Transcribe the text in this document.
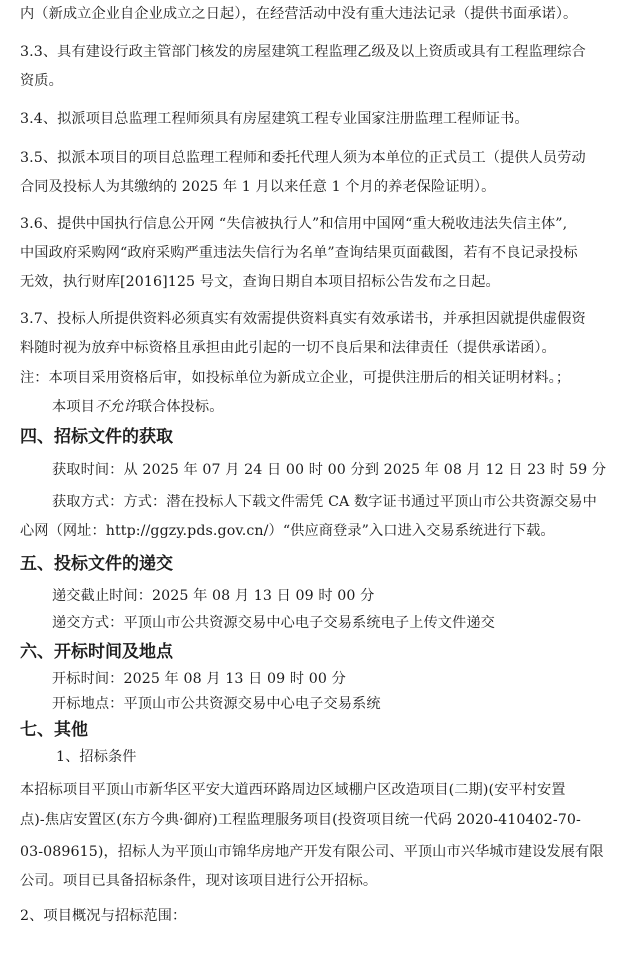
内（新成立企业自企业成立之日起），在经营活动中没有重大违法记录（提供书面承诺）。
3.3、具有建设行政主管部门核发的房屋建筑工程监理乙级及以上资质或具有工程监理综合
资质。
3.4、拟派项目总监理工程师须具有房屋建筑工程专业国家注册监理工程师证书。
3.5、拟派本项目的项目总监理工程师和委托代理人须为本单位的正式员工（提供人员劳动
合同及投标人为其缴纳的 2025 年 1 月以来任意 1 个月的养老保险证明）。
3.6、提供中国执行信息公开网 “失信被执行人”和信用中国网“重大税收违法失信主体”,
中国政府采购网“政府采购严重违法失信行为名单”查询结果页面截图，若有不良记录投标
无效，执行财库[2016]125 号文，查询日期自本项目招标公告发布之日起。
3.7、投标人所提供资料必须真实有效需提供资料真实有效承诺书，并承担因就提供虚假资
料随时视为放弃中标资格且承担由此引起的一切不良后果和法律责任（提供承诺函）。
注：本项目采用资格后审，如投标单位为新成立企业，可提供注册后的相关证明材料。；
本项目不允许联合体投标。
四、招标文件的获取
获取时间：从 2025 年 07 月 24 日 00 时 00 分到 2025 年 08 月 12 日 23 时 59 分
获取方式：方式：潜在投标人下载文件需凭 CA 数字证书通过平顶山市公共资源交易中
心网（网址：http://ggzy.pds.gov.cn/）“供应商登录”入口进入交易系统进行下载。
五、投标文件的递交
递交截止时间：2025 年 08 月 13 日 09 时 00 分
递交方式：平顶山市公共资源交易中心电子交易系统电子上传文件递交
六、开标时间及地点
开标时间：2025 年 08 月 13 日 09 时 00 分
开标地点：平顶山市公共资源交易中心电子交易系统
七、其他
1、招标条件
本招标项目平顶山市新华区平安大道西环路周边区域棚户区改造项目(二期)(安平村安置
点)-焦店安置区(东方今典·御府)工程监理服务项目(投资项目统一代码 2020-410402-70-
03-089615)，招标人为平顶山市锦华房地产开发有限公司、平顶山市兴华城市建设发展有限
公司。项目已具备招标条件，现对该项目进行公开招标。
2、项目概况与招标范围：
